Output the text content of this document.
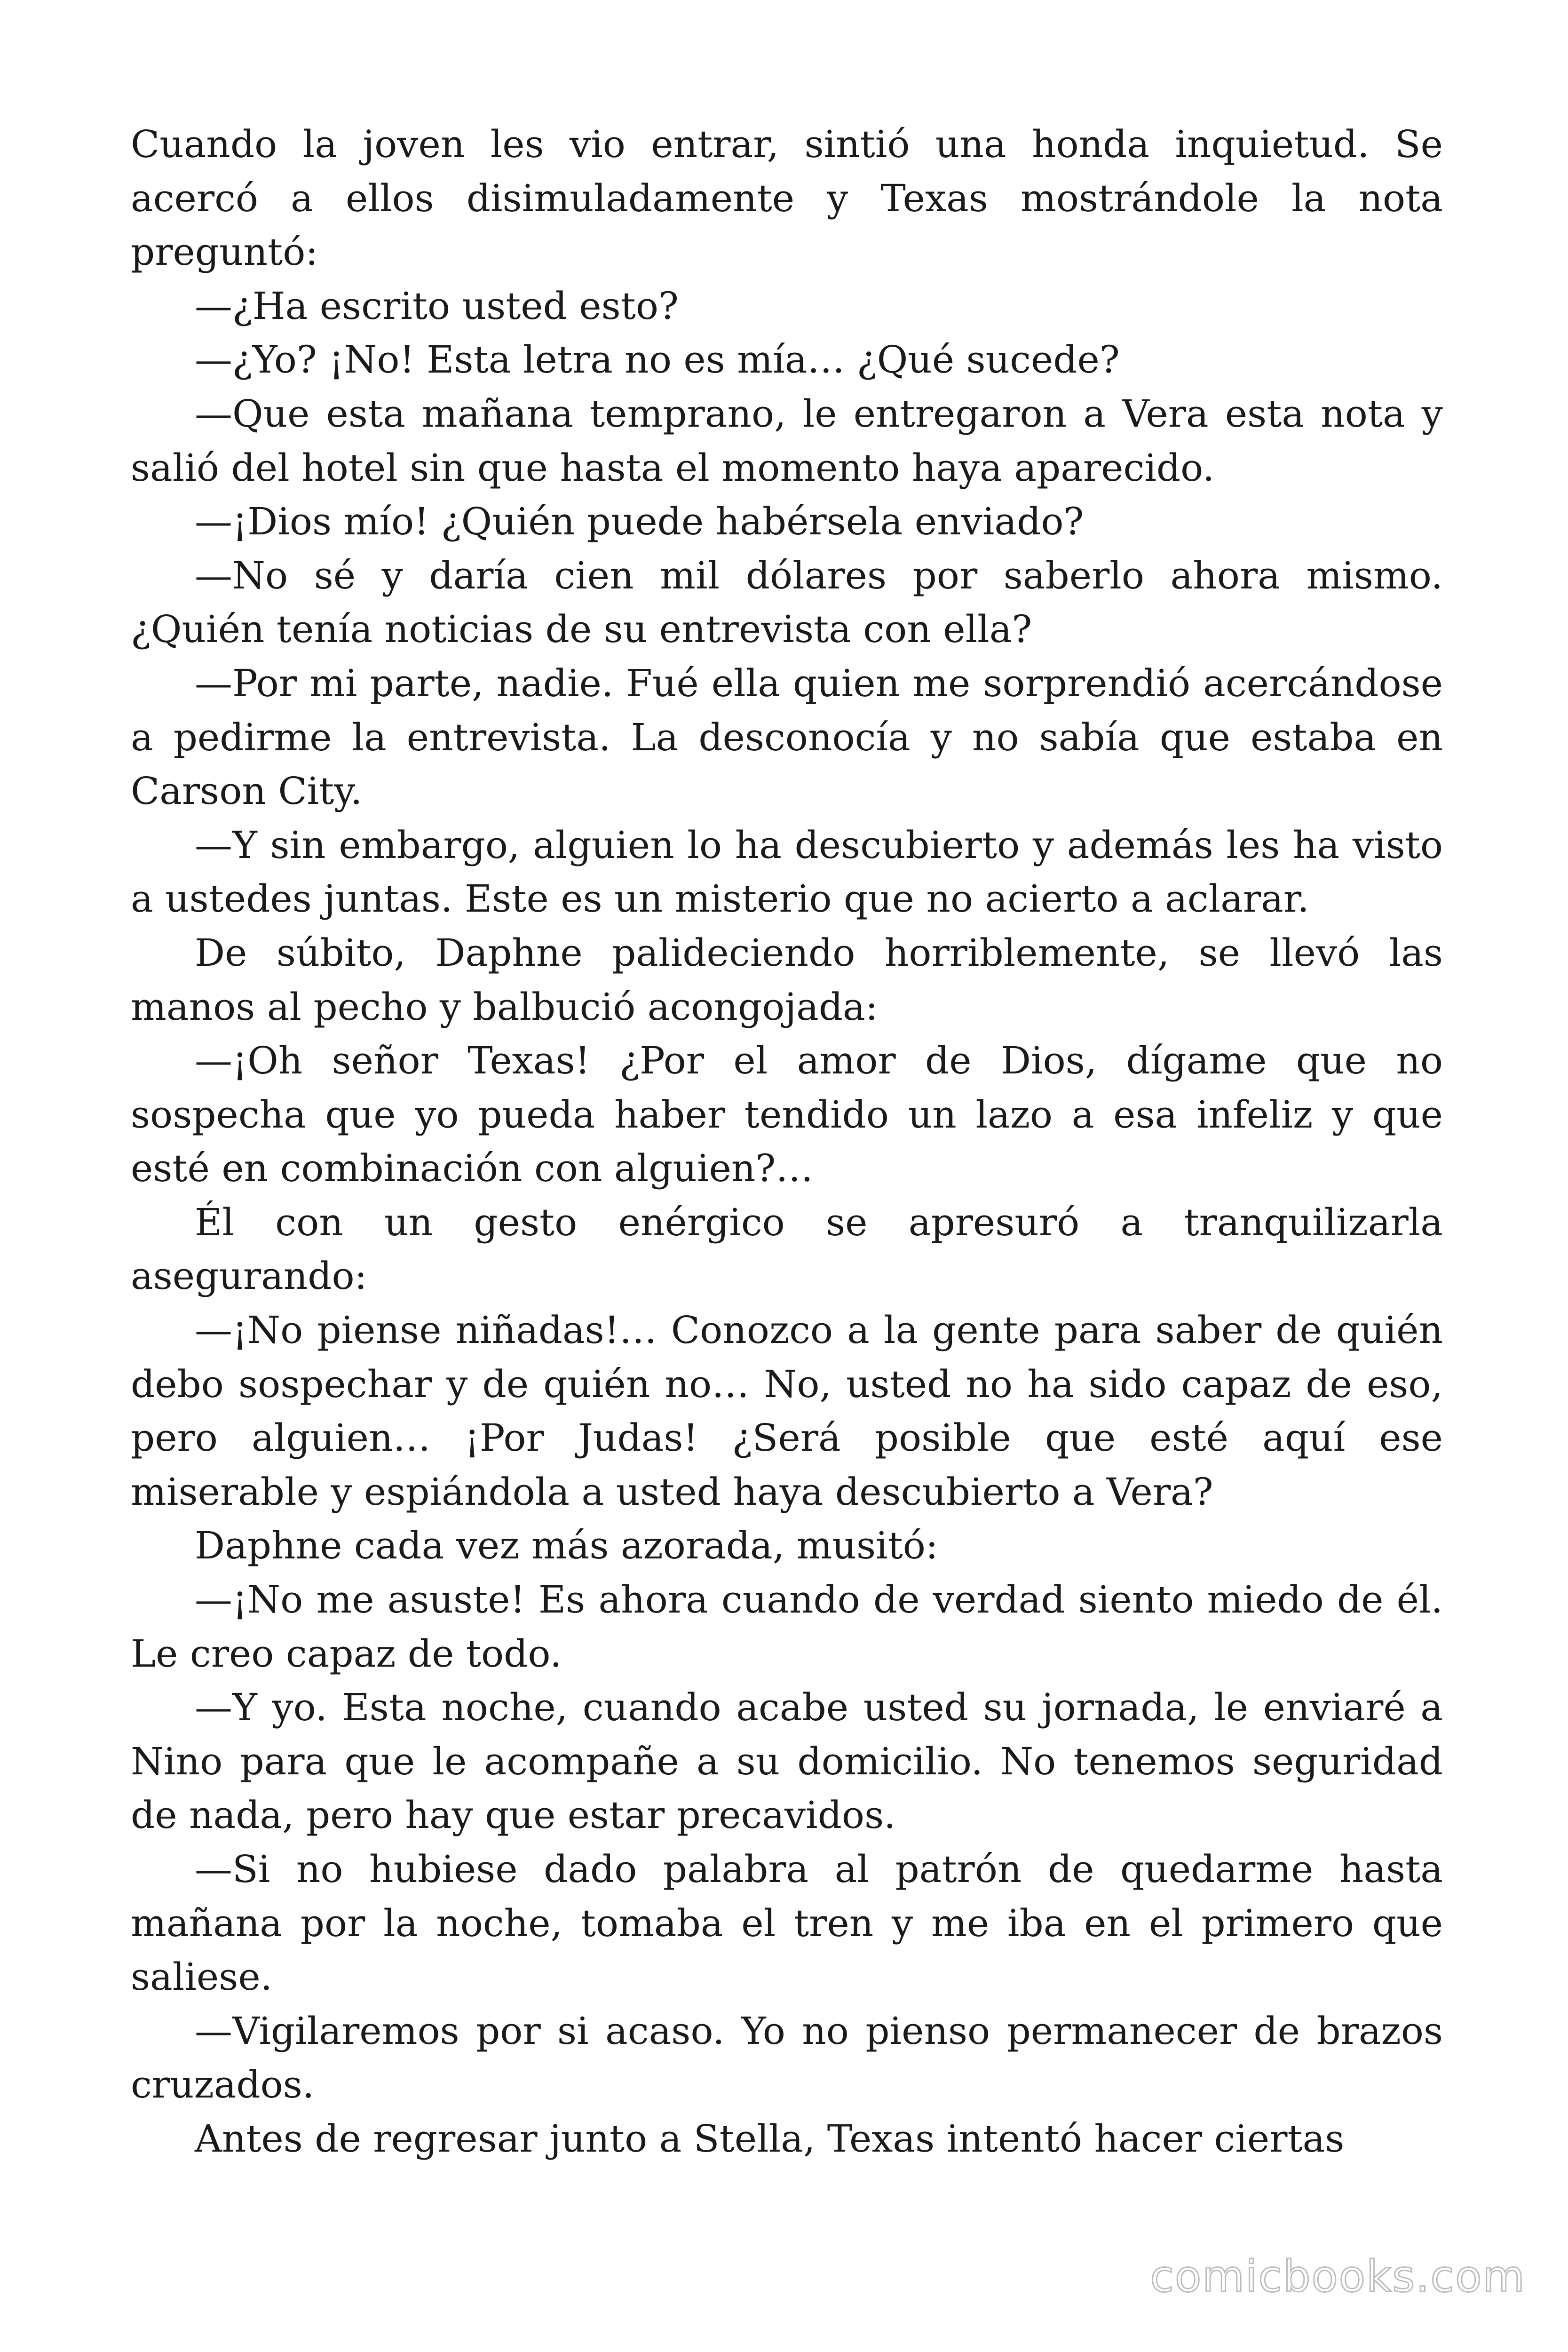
Cuando la joven les vio entrar, sintió una honda inquietud. Se acercó a ellos disimuladamente y Texas mostrándole la nota preguntó:

—¿Ha escrito usted esto?

—¿Yo? ¡No! Esta letra no es mía… ¿Qué sucede?

—Que esta mañana temprano, le entregaron a Vera esta nota y salió del hotel sin que hasta el momento haya aparecido.

—¡Dios mío! ¿Quién puede habérsela enviado?

—No sé y daría cien mil dólares por saberlo ahora mismo. ¿Quién tenía noticias de su entrevista con ella?

—Por mi parte, nadie. Fué ella quien me sorprendió acercándose a pedirme la entrevista. La desconocía y no sabía que estaba en Carson City.

—Y sin embargo, alguien lo ha descubierto y además les ha visto a ustedes juntas. Este es un misterio que no acierto a aclarar.

De súbito, Daphne palideciendo horriblemente, se llevó las manos al pecho y balbució acongojada:

—¡Oh señor Texas! ¿Por el amor de Dios, dígame que no sospecha que yo pueda haber tendido un lazo a esa infeliz y que esté en combinación con alguien?…

Él con un gesto enérgico se apresuró a tranquilizarla asegurando:

—¡No piense niñadas!… Conozco a la gente para saber de quién debo sospechar y de quién no… No, usted no ha sido capaz de eso, pero alguien… ¡Por Judas! ¿Será posible que esté aquí ese miserable y espiándola a usted haya descubierto a Vera?

Daphne cada vez más azorada, musitó:

—¡No me asuste! Es ahora cuando de verdad siento miedo de él. Le creo capaz de todo.

—Y yo. Esta noche, cuando acabe usted su jornada, le enviaré a Nino para que le acompañe a su domicilio. No tenemos seguridad de nada, pero hay que estar precavidos.

—Si no hubiese dado palabra al patrón de quedarme hasta mañana por la noche, tomaba el tren y me iba en el primero que saliese.

—Vigilaremos por si acaso. Yo no pienso permanecer de brazos cruzados.

Antes de regresar junto a Stella, Texas intentó hacer ciertas

comicbooks.com
